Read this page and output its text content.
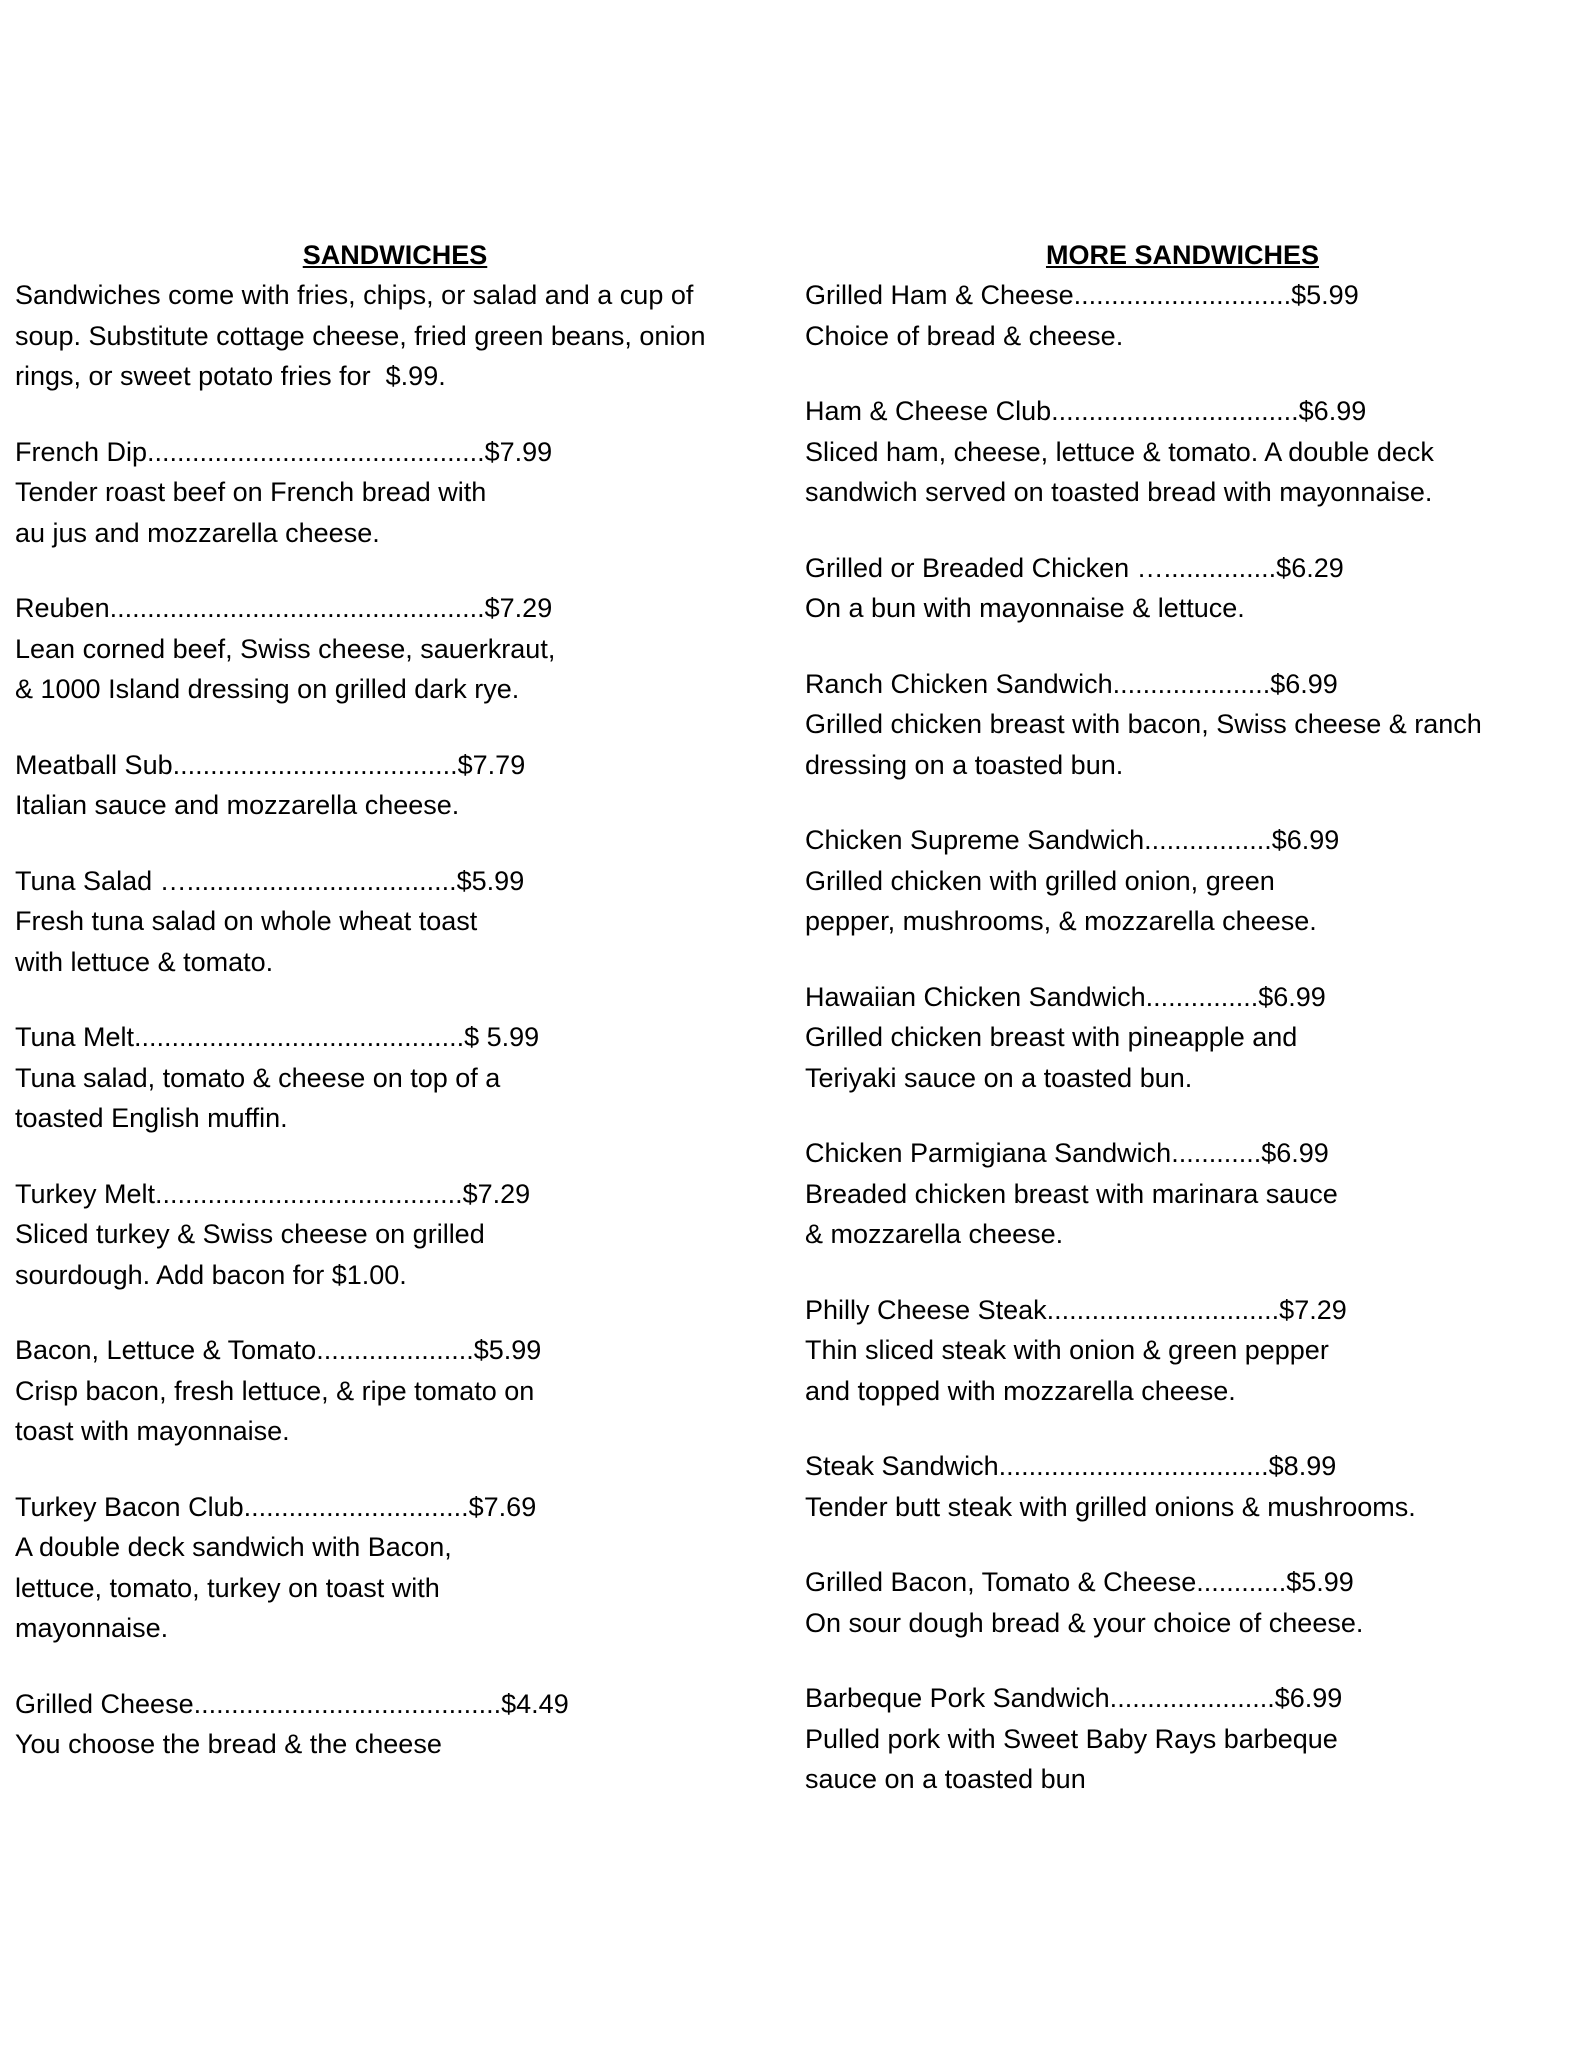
SANDWICHES

Sandwiches come with fries, chips, or salad and a cup of
soup. Substitute cottage cheese, fried green beans, onion
rings, or sweet potato fries for  $.99.

French Dip.............................................$7.99
Tender roast beef on French bread with
au jus and mozzarella cheese.
Reuben..................................................$7.29
Lean corned beef, Swiss cheese, sauerkraut,
& 1000 Island dressing on grilled dark rye.
Meatball Sub......................................$7.79
Italian sauce and mozzarella cheese.
Tuna Salad …....................................$5.99
Fresh tuna salad on whole wheat toast
with lettuce & tomato.
Tuna Melt............................................$ 5.99
Tuna salad, tomato & cheese on top of a
toasted English muffin.
Turkey Melt.........................................$7.29
Sliced turkey & Swiss cheese on grilled
sourdough. Add bacon for $1.00.
Bacon, Lettuce & Tomato.....................$5.99
Crisp bacon, fresh lettuce, & ripe tomato on
toast with mayonnaise.
Turkey Bacon Club..............................$7.69
A double deck sandwich with Bacon,
lettuce, tomato, turkey on toast with
mayonnaise.
Grilled Cheese.........................................$4.49
You choose the bread & the cheese

MORE SANDWICHES

Grilled Ham & Cheese.............................$5.99
Choice of bread & cheese.
Ham & Cheese Club.................................$6.99
Sliced ham, cheese, lettuce & tomato. A double deck
sandwich served on toasted bread with mayonnaise.
Grilled or Breaded Chicken …...............$6.29
On a bun with mayonnaise & lettuce.
Ranch Chicken Sandwich.....................$6.99
Grilled chicken breast with bacon, Swiss cheese & ranch
dressing on a toasted bun.
Chicken Supreme Sandwich.................$6.99
Grilled chicken with grilled onion, green
pepper, mushrooms, & mozzarella cheese.
Hawaiian Chicken Sandwich...............$6.99
Grilled chicken breast with pineapple and
Teriyaki sauce on a toasted bun.
Chicken Parmigiana Sandwich............$6.99
Breaded chicken breast with marinara sauce
& mozzarella cheese.
Philly Cheese Steak...............................$7.29
Thin sliced steak with onion & green pepper
and topped with mozzarella cheese.
Steak Sandwich....................................$8.99
Tender butt steak with grilled onions & mushrooms.
Grilled Bacon, Tomato & Cheese............$5.99
On sour dough bread & your choice of cheese.
Barbeque Pork Sandwich......................$6.99
Pulled pork with Sweet Baby Rays barbeque
sauce on a toasted bun
